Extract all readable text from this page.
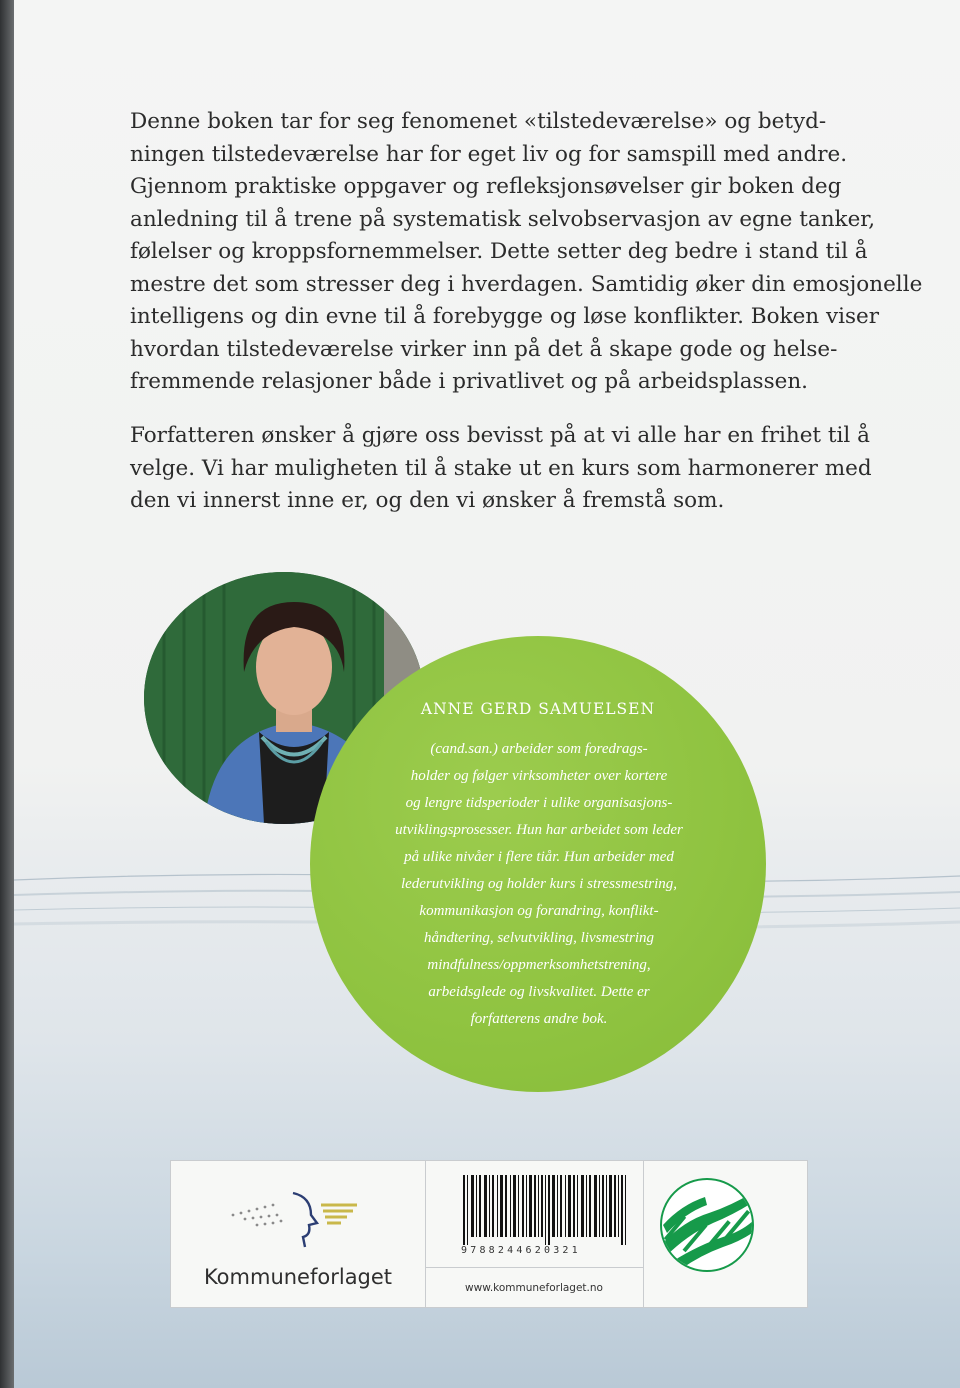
Denne boken tar for seg fenomenet «tilstedeværelse» og betyd-
ningen tilstedeværelse har for eget liv og for samspill med andre.
Gjennom praktiske oppgaver og refleksjonsøvelser gir boken deg
anledning til å trene på systematisk selvobservasjon av egne tanker,
følelser og kroppsfornemmelser. Dette setter deg bedre i stand til å
mestre det som stresser deg i hverdagen. Samtidig øker din emosjonelle
intelligens og din evne til å forebygge og løse konflikter. Boken viser
hvordan tilstedeværelse virker inn på det å skape gode og helse-
fremmende relasjoner både i privatlivet og på arbeidsplassen.
Forfatteren ønsker å gjøre oss bevisst på at vi alle har en frihet til å
velge. Vi har muligheten til å stake ut en kurs som harmonerer med
den vi innerst inne er, og den vi ønsker å fremstå som.
ANNE GERD SAMUELSEN
(cand.san.) arbeider som foredrags-
holder og følger virksomheter over kortere
og lengre tidsperioder i ulike organisasjons-
utviklingsprosesser. Hun har arbeidet som leder
på ulike nivåer i flere tiår. Hun arbeider med
lederutvikling og holder kurs i stressmestring,
kommunikasjon og forandring, konflikt-
håndtering, selvutvikling, livsmestring
mindfulness/oppmerksomhetstrening,
arbeidsglede og livskvalitet. Dette er
forfatterens andre bok.
Kommuneforlaget
9788244620321
www.kommuneforlaget.no
